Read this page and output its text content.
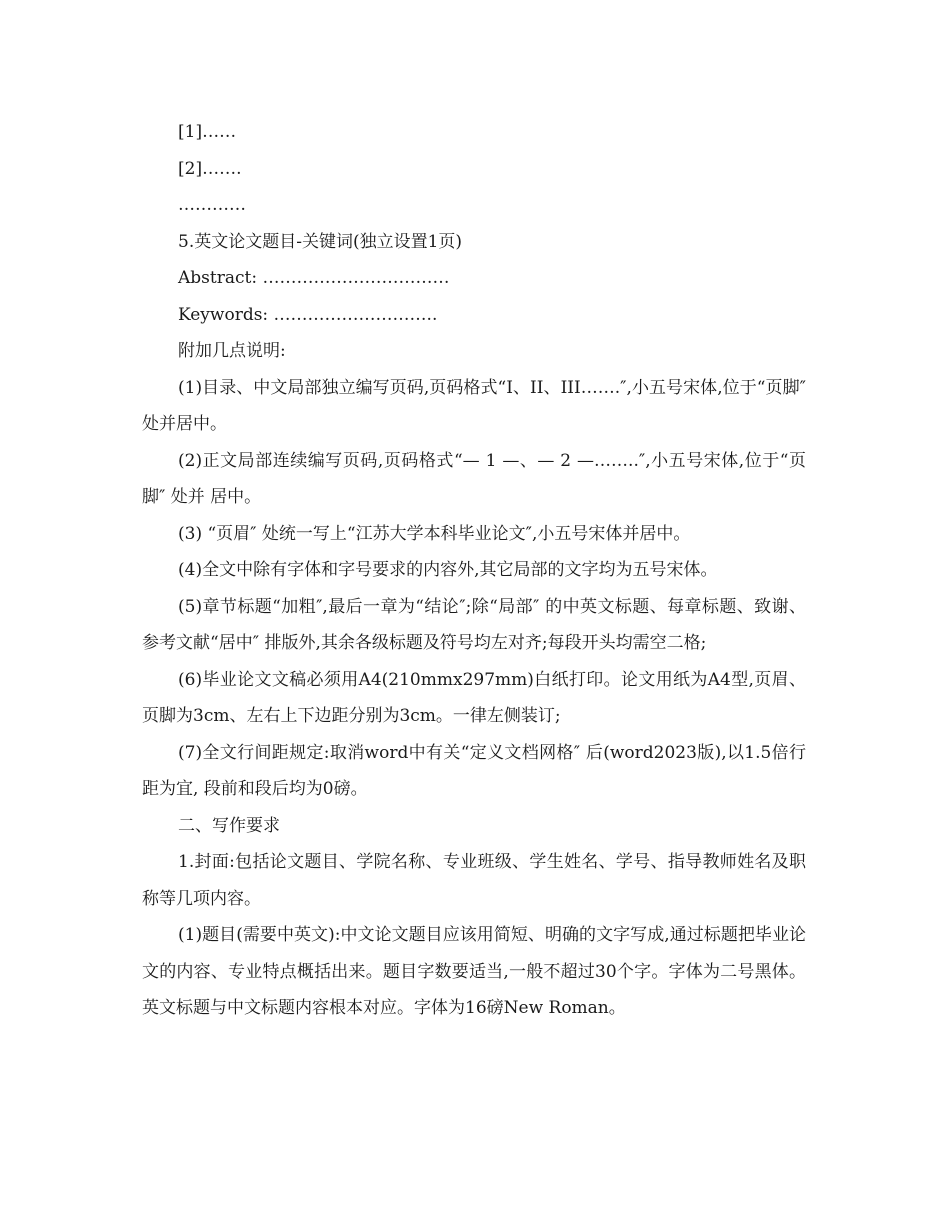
[1]……

[2]…….

…………

5.英文论文题目-关键词(独立设置1页)

Abstract: ……………………………

Keywords: ………………………..

附加几点说明:

(1)目录、中文局部独立编写页码,页码格式“I、II、III…….″,小五号宋体,位于“页脚″ 处并居中。

(2)正文局部连续编写页码,页码格式“— 1 —、— 2 —……..″,小五号宋体,位于“页脚″ 处并 居中。

(3) “页眉″ 处统一写上“江苏大学本科毕业论文″,小五号宋体并居中。

(4)全文中除有字体和字号要求的内容外,其它局部的文字均为五号宋体。

(5)章节标题“加粗″,最后一章为“结论″;除“局部″ 的中英文标题、每章标题、致谢、 参考文献“居中″ 排版外,其余各级标题及符号均左对齐;每段开头均需空二格;

(6)毕业论文文稿必须用A4(210mmx297mm)白纸打印。论文用纸为A4型,页眉、页脚为3cm、左右上下边距分别为3cm。一律左侧装订;

(7)全文行间距规定:取消word中有关“定义文档网格″ 后(word2023版),以1.5倍行距为宜, 段前和段后均为0磅。

二、写作要求

1.封面:包括论文题目、学院名称、专业班级、学生姓名、学号、指导教师姓名及职称等几项内容。

(1)题目(需要中英文):中文论文题目应该用简短、明确的文字写成,通过标题把毕业论文的内容、专业特点概括出来。题目字数要适当,一般不超过30个字。字体为二号黑体。英文标题与中文标题内容根本对应。字体为16磅New Roman。
